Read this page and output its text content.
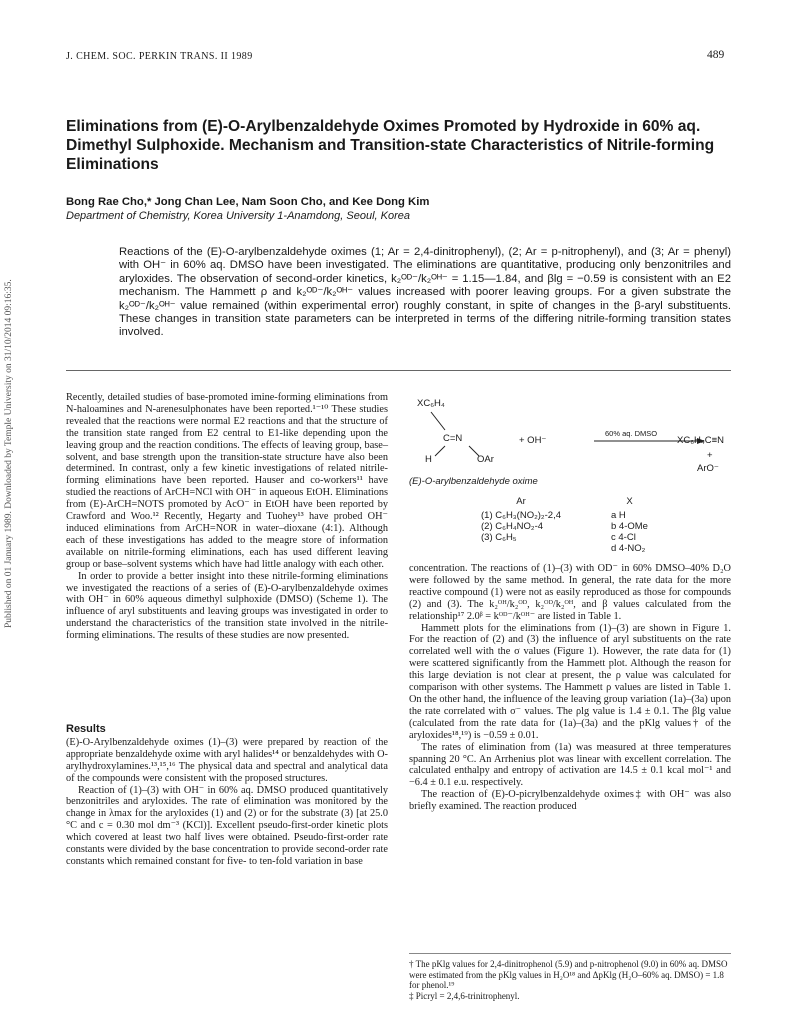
Published on 01 January 1989. Downloaded by Temple University on 31/10/2014 09:16:35.
J. CHEM. SOC. PERKIN TRANS. II 1989	489
Eliminations from (E)-O-Arylbenzaldehyde Oximes Promoted by Hydroxide in 60% aq. Dimethyl Sulphoxide. Mechanism and Transition-state Characteristics of Nitrile-forming Eliminations
Bong Rae Cho,* Jong Chan Lee, Nam Soon Cho, and Kee Dong Kim
Department of Chemistry, Korea University 1-Anamdong, Seoul, Korea
Reactions of the (E)-O-arylbenzaldehyde oximes (1; Ar = 2,4-dinitrophenyl), (2; Ar = p-nitrophenyl), and (3; Ar = phenyl) with OH⁻ in 60% aq. DMSO have been investigated. The eliminations are quantitative, producing only benzonitriles and aryloxides. The observation of second-order kinetics, k₂ᴼᴰ⁻/k₂ᴼᴴ⁻ = 1.15—1.84, and βlg = −0.59 is consistent with an E2 mechanism. The Hammett ρ and k₂ᴼᴰ⁻/k₂ᴼᴴ⁻ values increased with poorer leaving groups. For a given substrate the k₂ᴼᴰ⁻/k₂ᴼᴴ⁻ value remained (within experimental error) roughly constant, in spite of changes in the β-aryl substituents. These changes in transition state parameters can be interpreted in terms of the differing nitrile-forming transition states involved.

Recently, detailed studies of base-promoted imine-forming eliminations from N-haloamines and N-arenesulphonates have been reported.¹⁻¹⁰ These studies revealed that the reactions were normal E2 reactions and that the structure of the transition state ranged from E2 central to E1-like depending upon the leaving group and the reaction conditions. The effects of leaving group, base–solvent, and base strength upon the transition-state structure have also been determined. In contrast, only a few kinetic investigations of related nitrile-forming eliminations have been reported. Hauser and co-workers¹¹ have studied the reactions of ArCH=NCl with OH⁻ in aqueous EtOH. Eliminations from (E)-ArCH=NOTS promoted by AcO⁻ in EtOH have been reported by Crawford and Woo.¹² Recently, Hegarty and Tuohey¹³ have probed OH⁻ induced eliminations from ArCH=NOR in water–dioxane (4:1). Although each of these investigations has added to the meagre store of information available on nitrile-forming eliminations, each has used different leaving group or base–solvent systems which have had little analogy with each other.

In order to provide a better insight into these nitrile-forming eliminations we investigated the reactions of a series of (E)-O-arylbenzaldehyde oximes with OH⁻ in 60% aqueous dimethyl sulphoxide (DMSO) (Scheme 1). The influence of aryl substituents and leaving groups was investigated in order to understand the characteristics of the transition state involved in the nitrile-forming eliminations. The results of these studies are now presented.

Results

(E)-O-Arylbenzaldehyde oximes (1)–(3) were prepared by reaction of the appropriate benzaldehyde oxime with aryl halides¹⁴ or benzaldehydes with O-arylhydroxylamines.¹³,¹⁵,¹⁶ The physical data and spectral and analytical data of the compounds were consistent with the proposed structures.

Reaction of (1)–(3) with OH⁻ in 60% aq. DMSO produced quantitatively benzonitriles and aryloxides. The rate of elimination was monitored by the change in λmax for the aryloxides (1) and (2) or for the substrate (3) [at 25.0 °C and c = 0.30 mol dm⁻³ (KCl)]. Excellent pseudo-first-order kinetic plots which covered at least two half lives were obtained. Pseudo-first-order rate constants were divided by the base concentration to provide second-order rate constants which remained constant for five- to ten-fold variation in base

XC₆H₄
C=N
H	OAr
+ OH⁻
60% aq. DMSO
XC₆H₄C≡N
+
ArO⁻
(E)-O-arylbenzaldehyde oxime
Ar
(1) C₆H₃(NO₂)₂-2,4
(2) C₆H₄NO₂-4
(3) C₆H₅
X
a H
b 4-OMe
c 4-Cl
d 4-NO₂

concentration. The reactions of (1)–(3) with OD⁻ in 60% DMSO–40% D₂O were followed by the same method. In general, the rate data for the more reactive compound (1) were not as easily reproduced as those for compounds (2) and (3). The k₂ᴼᴴ/k₂ᴼᴰ, k₂ᴼᴰ/k₂ᴼᴴ, and β values calculated from the relationship¹⁷ 2.0ᵝ = kᴼᴰ⁻/kᴼᴴ⁻ are listed in Table 1.

Hammett plots for the eliminations from (1)–(3) are shown in Figure 1. For the reaction of (2) and (3) the influence of aryl substituents on the rate correlated well with the σ values (Figure 1). However, the rate data for (1) were scattered significantly from the Hammett plot. Although the reason for this large deviation is not clear at present, the ρ value was calculated for comparison with other systems. The Hammett ρ values are listed in Table 1. On the other hand, the influence of the leaving group variation (1a)–(3a) upon the rate correlated with σ⁻ values. The ρlg value is 1.4 ± 0.1. The βlg value (calculated from the rate data for (1a)–(3a) and the pKlg values† of the aryloxides¹⁸,¹⁹) is −0.59 ± 0.01.

The rates of elimination from (1a) was measured at three temperatures spanning 20 °C. An Arrhenius plot was linear with excellent correlation. The calculated enthalpy and entropy of activation are 14.5 ± 0.1 kcal mol⁻¹ and −6.4 ± 0.1 e.u. respectively.

The reaction of (E)-O-picrylbenzaldehyde oximes‡ with OH⁻ was also briefly examined. The reaction produced

† The pKlg values for 2,4-dinitrophenol (5.9) and p-nitrophenol (9.0) in 60% aq. DMSO were estimated from the pKlg values in H₂O¹⁸ and ΔpKlg (H₂O–60% aq. DMSO) = 1.8 for phenol.¹⁹
‡ Picryl = 2,4,6-trinitrophenyl.
